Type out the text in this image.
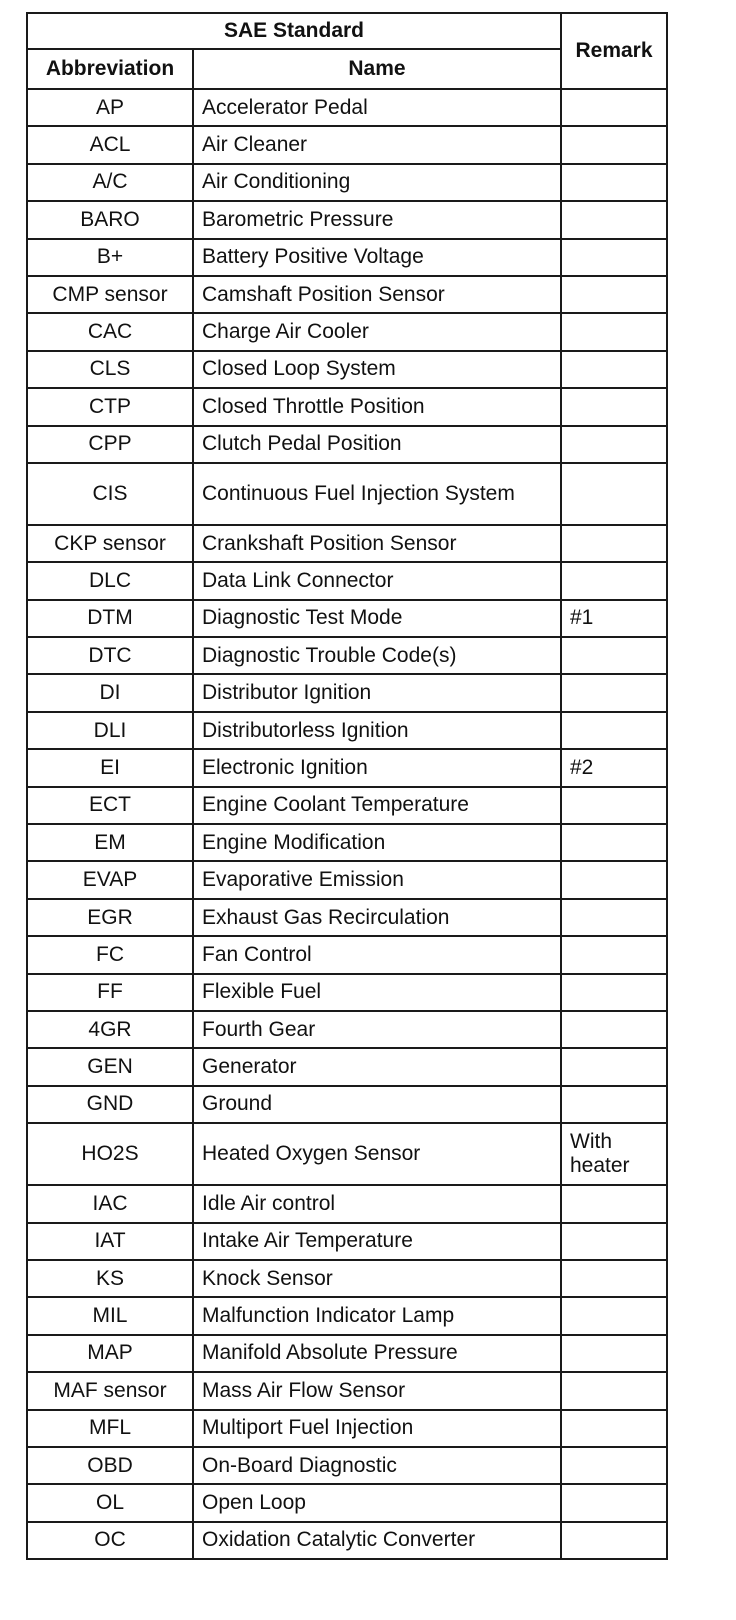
SAE Standard		Remark
Abbreviation	Name	
AP	Accelerator Pedal	
ACL	Air Cleaner	
A/C	Air Conditioning	
BARO	Barometric Pressure	
B+	Battery Positive Voltage	
CMP sensor	Camshaft Position Sensor	
CAC	Charge Air Cooler	
CLS	Closed Loop System	
CTP	Closed Throttle Position	
CPP	Clutch Pedal Position	
CIS	Continuous Fuel Injection System	
CKP sensor	Crankshaft Position Sensor	
DLC	Data Link Connector	
DTM	Diagnostic Test Mode	#1
DTC	Diagnostic Trouble Code(s)	
DI	Distributor Ignition	
DLI	Distributorless Ignition	
EI	Electronic Ignition	#2
ECT	Engine Coolant Temperature	
EM	Engine Modification	
EVAP	Evaporative Emission	
EGR	Exhaust Gas Recirculation	
FC	Fan Control	
FF	Flexible Fuel	
4GR	Fourth Gear	
GEN	Generator	
GND	Ground	
HO2S	Heated Oxygen Sensor	With heater
IAC	Idle Air control	
IAT	Intake Air Temperature	
KS	Knock Sensor	
MIL	Malfunction Indicator Lamp	
MAP	Manifold Absolute Pressure	
MAF sensor	Mass Air Flow Sensor	
MFL	Multiport Fuel Injection	
OBD	On-Board Diagnostic	
OL	Open Loop	
OC	Oxidation Catalytic Converter	
